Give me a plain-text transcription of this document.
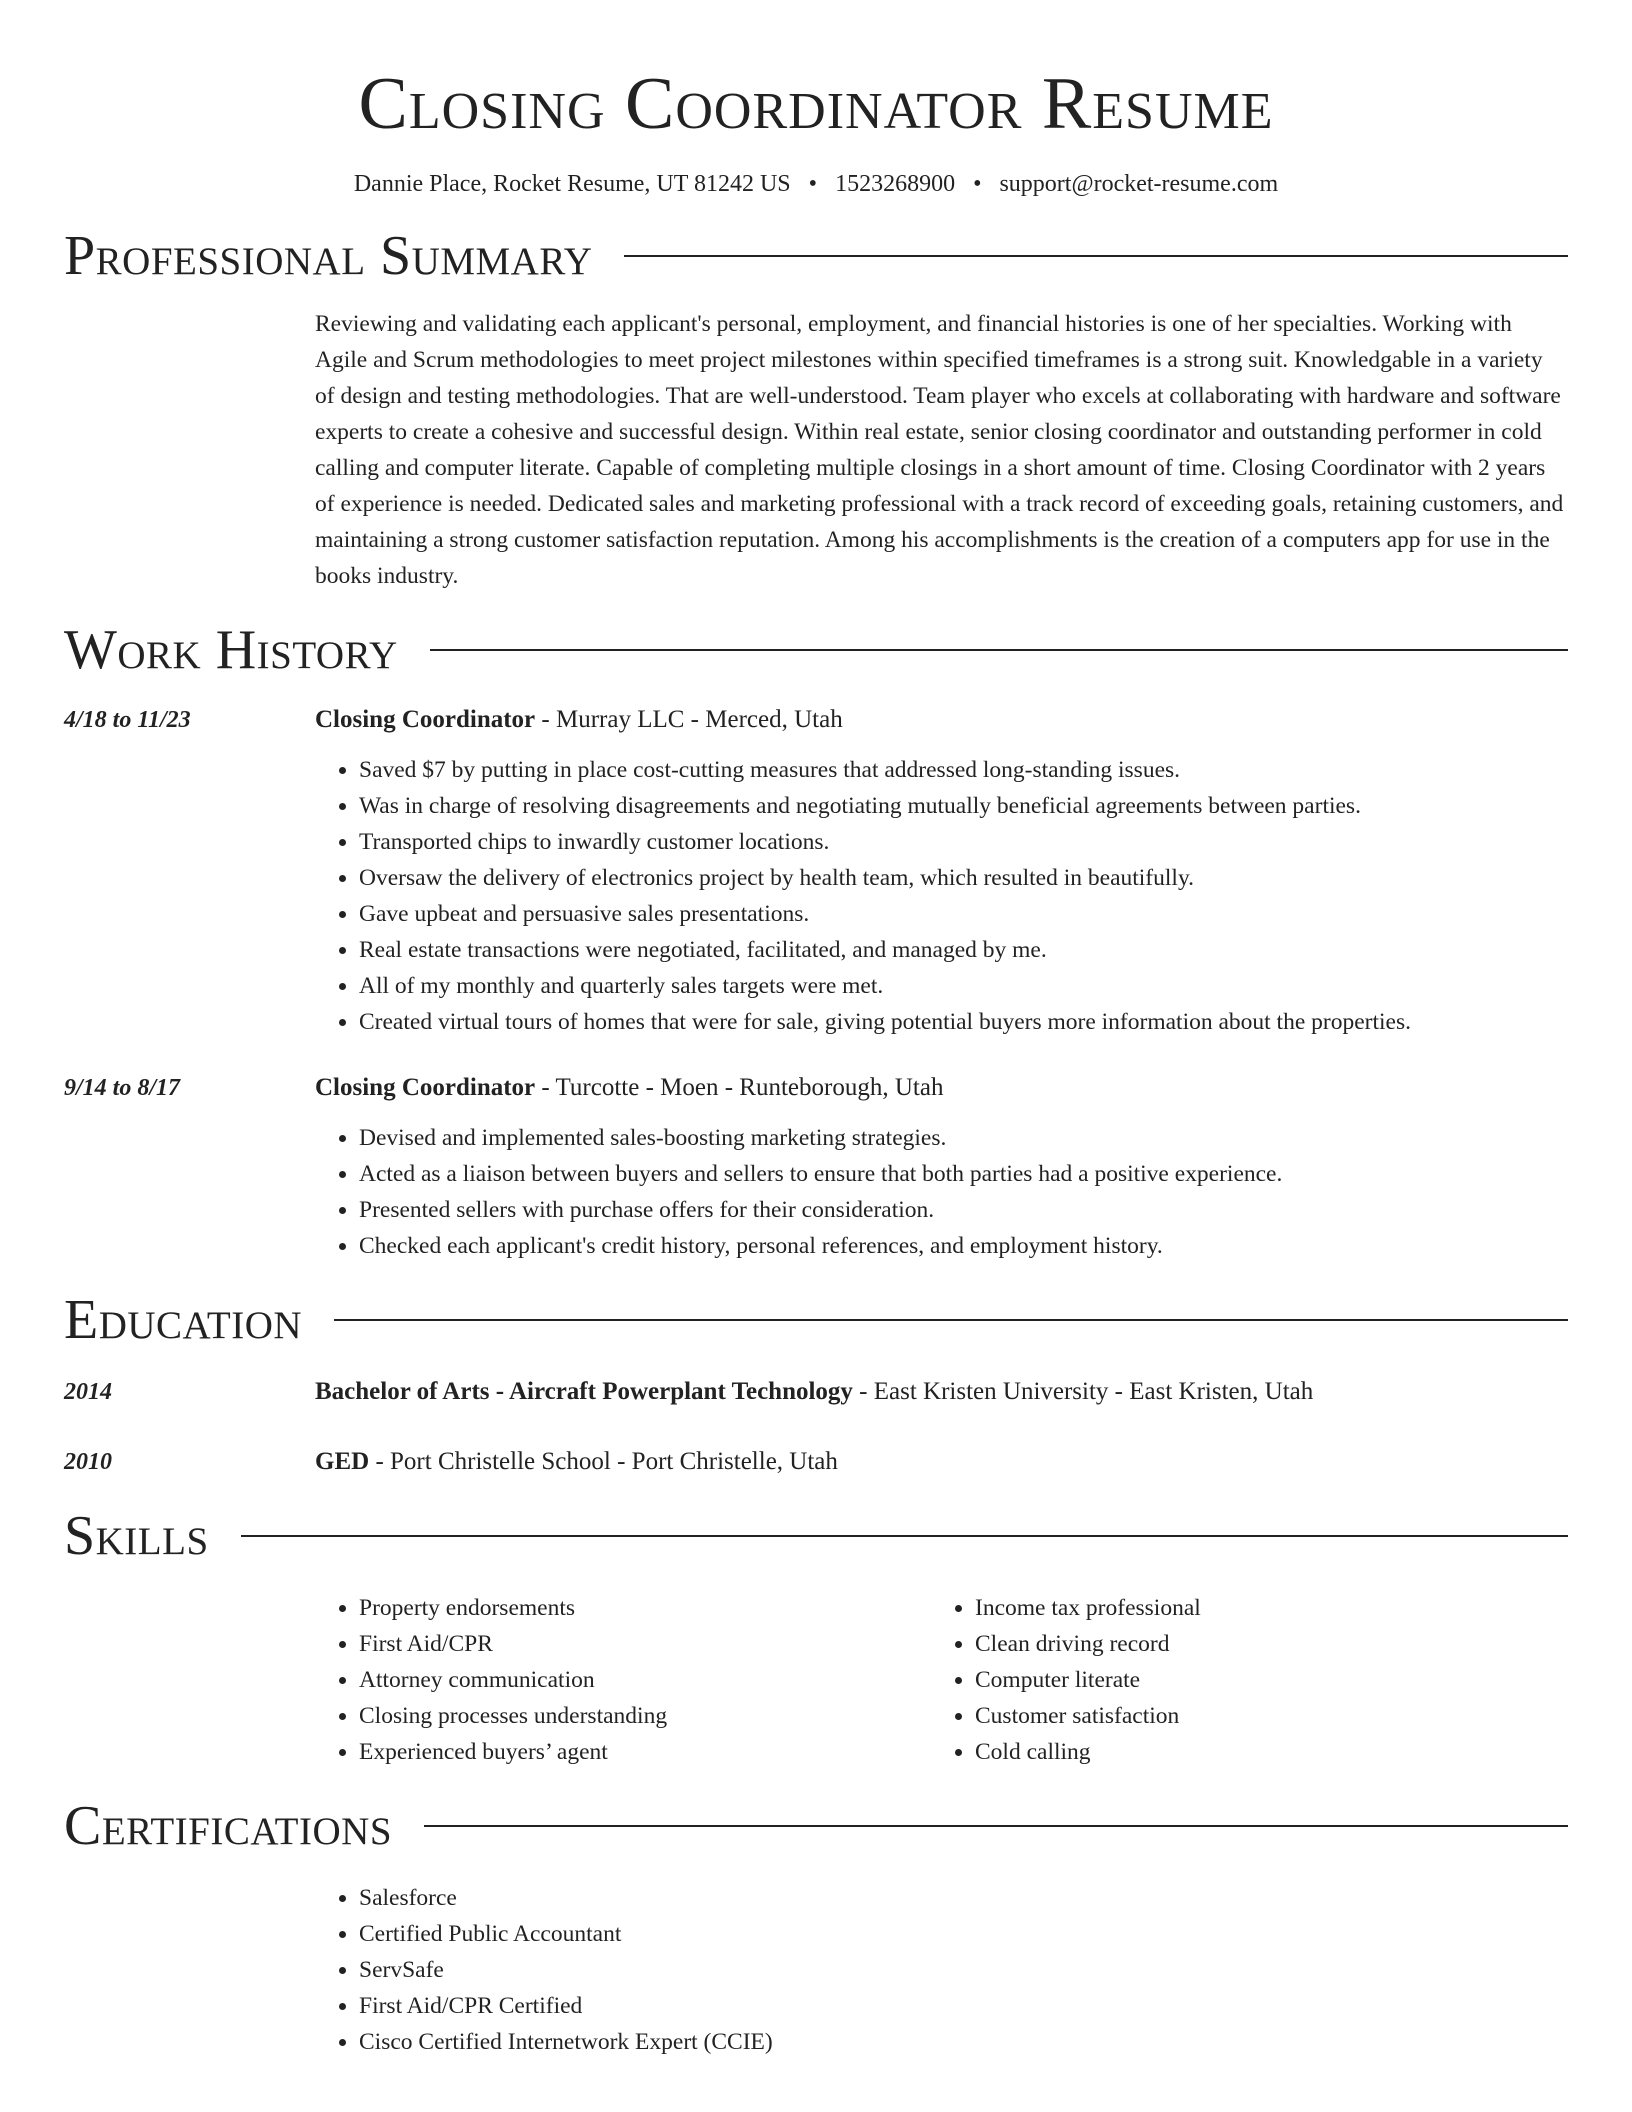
Closing Coordinator Resume
Dannie Place, Rocket Resume, UT 81242 US • 1523268900 • support@rocket-resume.com
Professional Summary
Reviewing and validating each applicant's personal, employment, and financial histories is one of her specialties. Working with Agile and Scrum methodologies to meet project milestones within specified timeframes is a strong suit. Knowledgable in a variety of design and testing methodologies. That are well-understood. Team player who excels at collaborating with hardware and software experts to create a cohesive and successful design. Within real estate, senior closing coordinator and outstanding performer in cold calling and computer literate. Capable of completing multiple closings in a short amount of time. Closing Coordinator with 2 years of experience is needed. Dedicated sales and marketing professional with a track record of exceeding goals, retaining customers, and maintaining a strong customer satisfaction reputation. Among his accomplishments is the creation of a computers app for use in the books industry.
Work History
4/18 to 11/23	Closing Coordinator - Murray LLC - Merced, Utah
• Saved $7 by putting in place cost-cutting measures that addressed long-standing issues.
• Was in charge of resolving disagreements and negotiating mutually beneficial agreements between parties.
• Transported chips to inwardly customer locations.
• Oversaw the delivery of electronics project by health team, which resulted in beautifully.
• Gave upbeat and persuasive sales presentations.
• Real estate transactions were negotiated, facilitated, and managed by me.
• All of my monthly and quarterly sales targets were met.
• Created virtual tours of homes that were for sale, giving potential buyers more information about the properties.
9/14 to 8/17	Closing Coordinator - Turcotte - Moen - Runteborough, Utah
• Devised and implemented sales-boosting marketing strategies.
• Acted as a liaison between buyers and sellers to ensure that both parties had a positive experience.
• Presented sellers with purchase offers for their consideration.
• Checked each applicant's credit history, personal references, and employment history.
Education
2014	Bachelor of Arts - Aircraft Powerplant Technology - East Kristen University - East Kristen, Utah
2010	GED - Port Christelle School - Port Christelle, Utah
Skills
• Property endorsements
• First Aid/CPR
• Attorney communication
• Closing processes understanding
• Experienced buyers’ agent
• Income tax professional
• Clean driving record
• Computer literate
• Customer satisfaction
• Cold calling
Certifications
• Salesforce
• Certified Public Accountant
• ServSafe
• First Aid/CPR Certified
• Cisco Certified Internetwork Expert (CCIE)
